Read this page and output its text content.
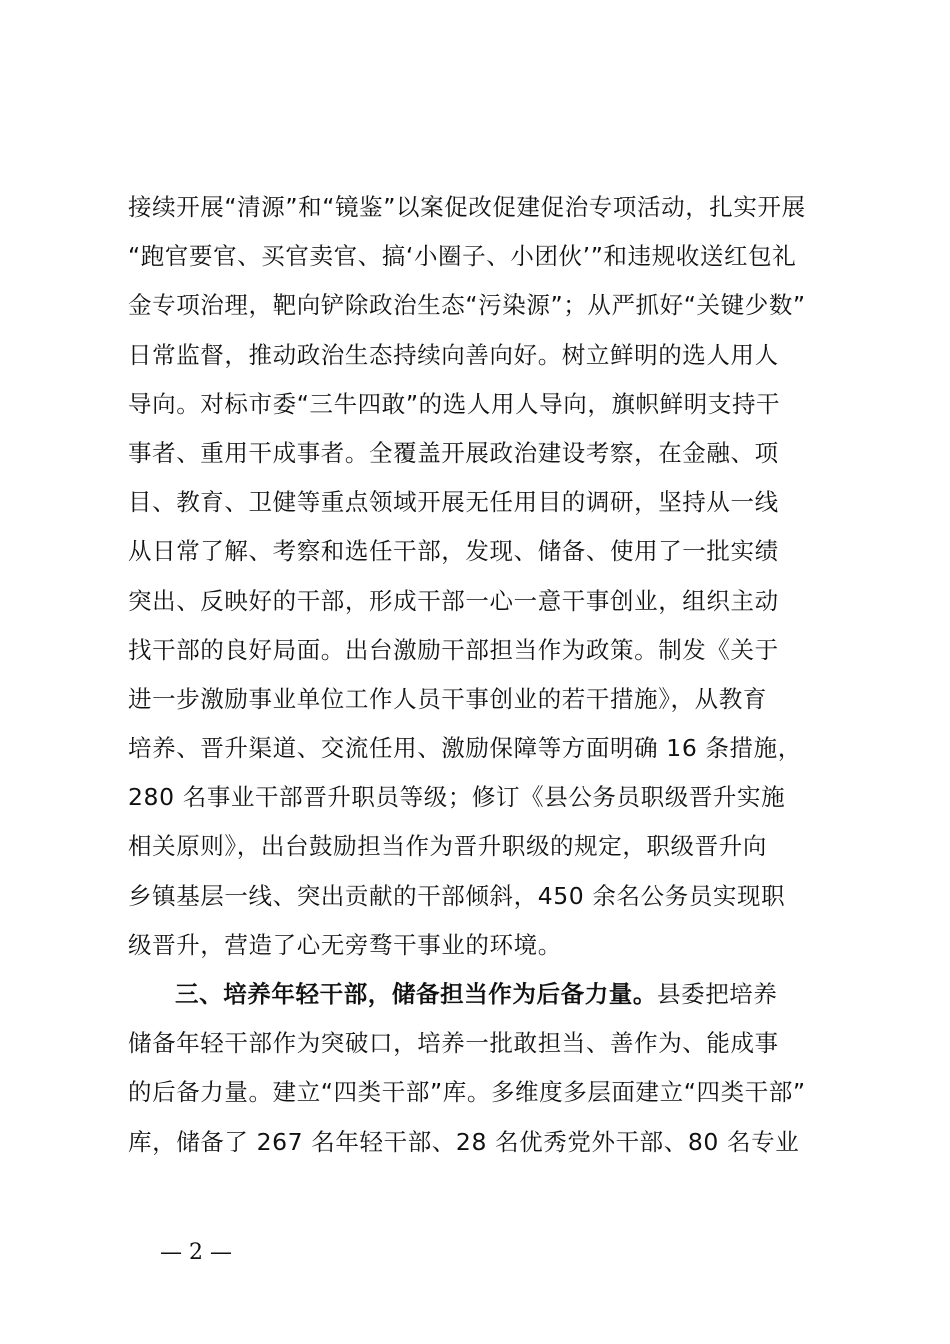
接续开展“清源”和“镜鉴”以案促改促建促治专项活动，扎实开展
“跑官要官、买官卖官、搞‘小圈子、小团伙’”和违规收送红包礼
金专项治理，靶向铲除政治生态“污染源”；从严抓好“关键少数”
日常监督，推动政治生态持续向善向好。树立鲜明的选人用人
导向。对标市委“三牛四敢”的选人用人导向，旗帜鲜明支持干
事者、重用干成事者。全覆盖开展政治建设考察，在金融、项
目、教育、卫健等重点领域开展无任用目的调研，坚持从一线
从日常了解、考察和选任干部，发现、储备、使用了一批实绩
突出、反映好的干部，形成干部一心一意干事创业，组织主动
找干部的良好局面。出台激励干部担当作为政策。制发《关于
进一步激励事业单位工作人员干事创业的若干措施》，从教育
培养、晋升渠道、交流任用、激励保障等方面明确 16 条措施，
280 名事业干部晋升职员等级；修订《县公务员职级晋升实施
相关原则》，出台鼓励担当作为晋升职级的规定，职级晋升向
乡镇基层一线、突出贡献的干部倾斜，450 余名公务员实现职
级晋升，营造了心无旁骛干事业的环境。
三、培养年轻干部，储备担当作为后备力量。县委把培养
储备年轻干部作为突破口，培养一批敢担当、善作为、能成事
的后备力量。建立“四类干部”库。多维度多层面建立“四类干部”
库，储备了 267 名年轻干部、28 名优秀党外干部、80 名专业
— 2 —
